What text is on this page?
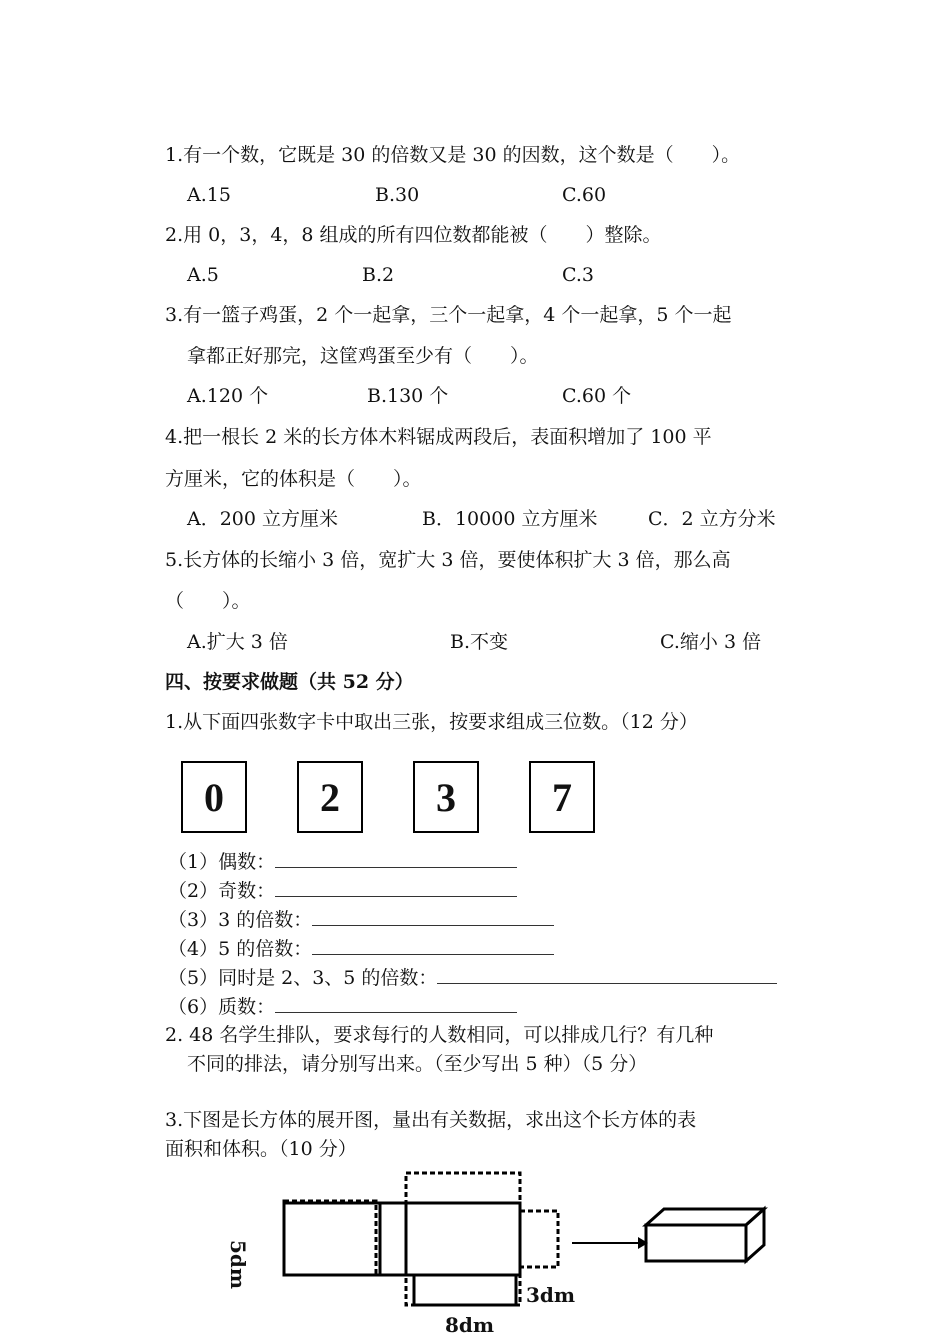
1.有一个数，它既是 30 的倍数又是 30 的因数，这个数是（　　）。
A.15	B.30	C.60
2.用 0，3，4，8 组成的所有四位数都能被（　　）整除。
A.5	B.2	C.3
3.有一篮子鸡蛋，2 个一起拿，三个一起拿，4 个一起拿，5 个一起
拿都正好那完，这筐鸡蛋至少有（　　）。
A.120 个	B.130 个	C.60 个
4.把一根长 2 米的长方体木料锯成两段后，表面积增加了 100 平
方厘米，它的体积是（　　）。
A．200 立方厘米	B．10000 立方厘米	C．2 立方分米
5.长方体的长缩小 3 倍，宽扩大 3 倍，要使体积扩大 3 倍，那么高
（　　）。
A.扩大 3 倍	B.不变	C.缩小 3 倍
四、按要求做题（共 52 分）
1.从下面四张数字卡中取出三张，按要求组成三位数。（12 分）
0	2	3	7
（1）偶数：
（2）奇数：
（3）3 的倍数：
（4）5 的倍数：
（5）同时是 2、3、5 的倍数：
（6）质数：
2. 48 名学生排队，要求每行的人数相同，可以排成几行？有几种
不同的排法，请分别写出来。（至少写出 5 种）（5 分）
3.下图是长方体的展开图，量出有关数据，求出这个长方体的表
面积和体积。（10 分）
5dm
3dm
8dm
